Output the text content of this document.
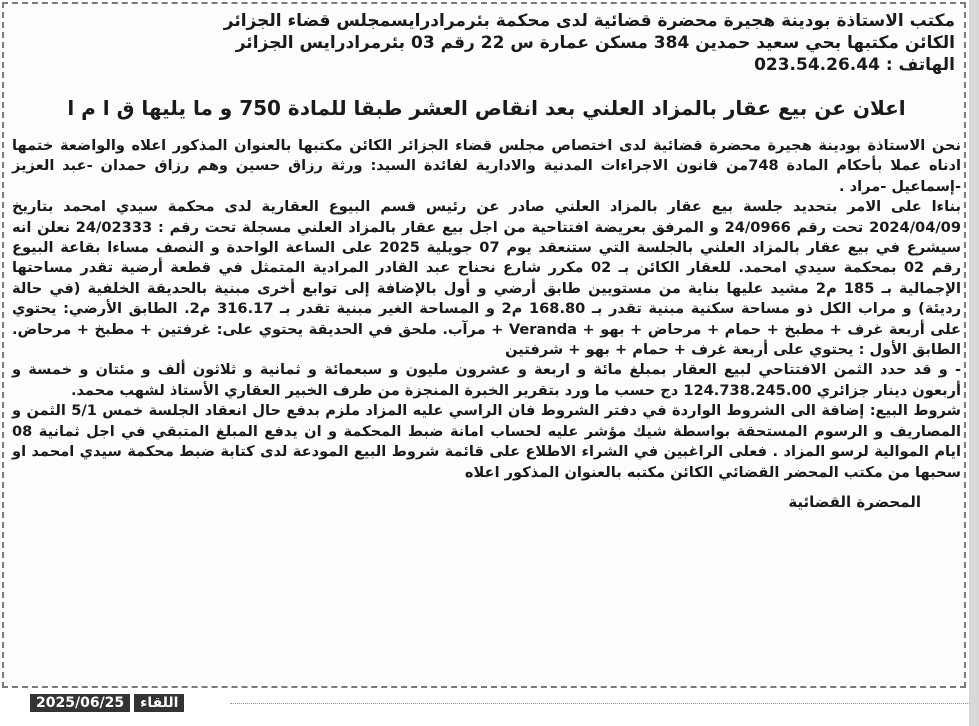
مكتب الاستاذة بودينة هجيرة محضرة قضائية لدى محكمة بئرمرادرايسمجلس قضاء الجزائر

الكائن مكتبها بحي سعيد حمدين 384 مسكن عمارة س 22 رقم 03 بئرمرادرايس الجزائر

الهاتف : 023.54.26.44

اعلان عن بيع عقار بالمزاد العلني بعد انقاص العشر طبقا للمادة 750 و ما يليها ق ا م ا

نحن الاستاذة بودينة هجيرة محضرة قضائية لدى اختصاص مجلس قضاء الجزائر الكائن مكتبها بالعنوان المذكور اعلاه والواضعة ختمها ادناه عملا بأحكام المادة 748من قانون الاجراءات المدنية والادارية لفائدة السيد: ورثة رزاق حسين وهم رزاق حمدان -عبد العزيز -إسماعيل -مراد .

بناءا على الامر بتحديد جلسة بيع عقار بالمزاد العلني صادر عن رئيس قسم البيوع العقارية لدى محكمة سيدي امحمد بتاريخ 2024/04/09 تحت رقم 24/0966 و المرفق بعريضة افتتاحية من اجل بيع عقار بالمزاد العلني مسجلة تحت رقم : 24/02333 نعلن انه سيشرع في بيع عقار بالمزاد العلني بالجلسة التي ستنعقد يوم 07 جويلية 2025 على الساعة الواحدة و النصف مساءا بقاعة البيوع رقم 02 بمحكمة سيدي امحمد. للعقار الكائن بـ 02 مكرر شارع نحناح عبد القادر المرادية المتمثل في قطعة أرضية تقدر مساحتها الإجمالية بـ 185 م2 مشيد عليها بناية من مستويين طابق أرضي و أول بالإضافة إلى توابع أخرى مبنية بالحديقة الخلفية (في حالة رديئة) و مراب الكل ذو مساحة سكنية مبنية تقدر بـ 168.80 م2 و المساحة الغير مبنية تقدر بـ 316.17 م2. الطابق الأرضي: يحتوي على أربعة غرف + مطبخ + حمام + مرحاض + بهو + Veranda + مرآب. ملحق في الحديقة يحتوي على: غرفتين + مطبخ + مرحاض. الطابق الأول : يحتوي على أربعة غرف + حمام + بهو + شرفتين

- و قد حدد الثمن الافتتاحي لبيع العقار بمبلغ مائة و اربعة و عشرون مليون و سبعمائة و ثمانية و ثلاثون ألف و مئتان و خمسة و أربعون دينار جزائري 124.738.245.00 دج حسب ما ورد بتقرير الخبرة المنجزة من طرف الخبير العقاري الأستاذ لشهب محمد.

شروط البيع: إضافة الى الشروط الواردة في دفتر الشروط فان الراسي عليه المزاد ملزم بدفع حال انعقاد الجلسة خمس 5/1 الثمن و المصاريف و الرسوم المستحقة بواسطة شيك مؤشر عليه لحساب امانة ضبط المحكمة و ان يدفع المبلغ المتبقي في اجل ثمانية 08 ايام الموالية لرسو المزاد . فعلى الراغبين في الشراء الاطلاع على قائمة شروط البيع المودعة لدى كتابة ضبط محكمة سيدي امحمد او سحبها من مكتب المحضر القضائي الكائن مكتبه بالعنوان المذكور اعلاه

المحضرة القضائية
2025/06/25	اللقاء
